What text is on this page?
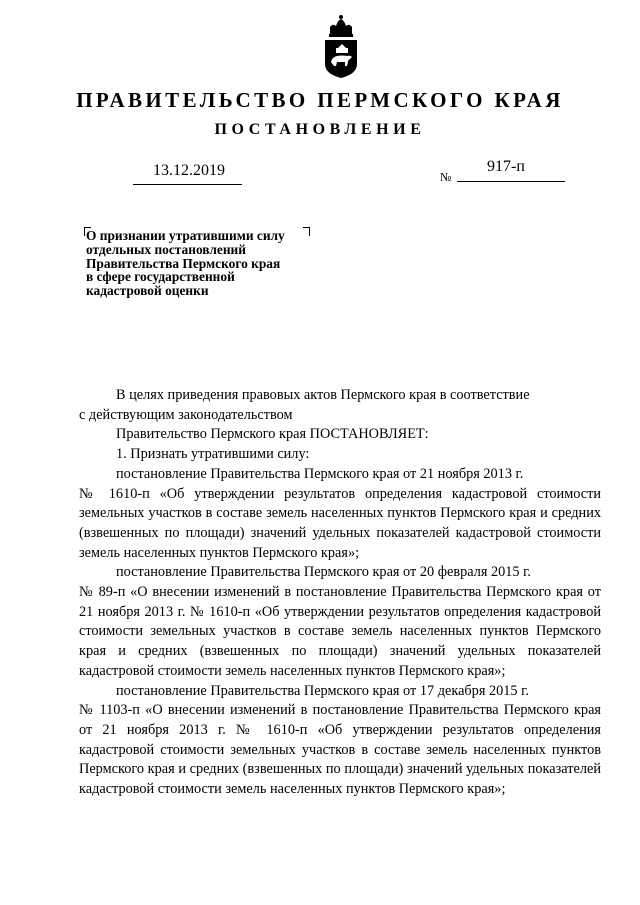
ПРАВИТЕЛЬСТВО ПЕРМСКОГО КРАЯ
ПОСТАНОВЛЕНИЕ
13.12.2019	917-п
№
О признании утратившими силу
отдельных постановлений
Правительства Пермского края
в сфере государственной
кадастровой оценки

В целях приведения правовых актов Пермского края в соответствие

с действующим законодательством

Правительство Пермского края ПОСТАНОВЛЯЕТ:

1. Признать утратившими силу:

постановление Правительства Пермского края от 21 ноября 2013 г.

№ 1610-п «Об утверждении результатов определения кадастровой стоимости земельных участков в составе земель населенных пунктов Пермского края и средних (взвешенных по площади) значений удельных показателей кадастровой стоимости земель населенных пунктов Пермского края»;

постановление Правительства Пермского края от 20 февраля 2015 г.

№ 89-п «О внесении изменений в постановление Правительства Пермского края от 21 ноября 2013 г. № 1610-п «Об утверждении результатов определения кадастровой стоимости земельных участков в составе земель населенных пунктов Пермского края и средних (взвешенных по площади) значений удельных показателей кадастровой стоимости земель населенных пунктов Пермского края»;

постановление Правительства Пермского края от 17 декабря 2015 г.

№ 1103-п «О внесении изменений в постановление Правительства Пермского края от 21 ноября 2013 г. № 1610-п «Об утверждении результатов определения кадастровой стоимости земельных участков в составе земель населенных пунктов Пермского края и средних (взвешенных по площади) значений удельных показателей кадастровой стоимости земель населенных пунктов Пермского края»;
